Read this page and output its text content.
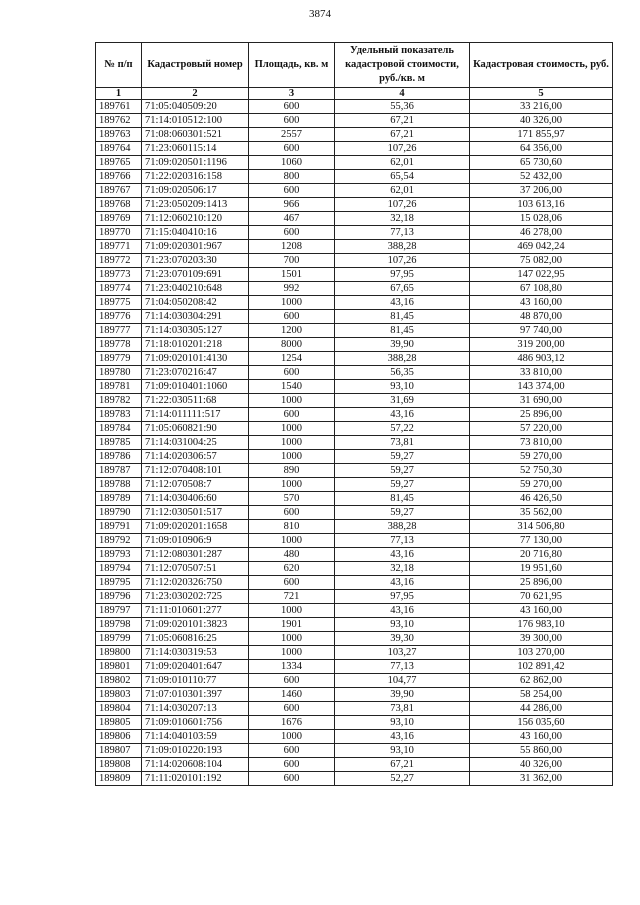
3874
№ п/п	Кадастровый номер	Площадь, кв. м	Удельный показатель кадастровой стоимости, руб./кв. м	Кадастровая стоимость, руб.
1	2	3	4	5
189761	71:05:040509:20	600	55,36	33 216,00
189762	71:14:010512:100	600	67,21	40 326,00
189763	71:08:060301:521	2557	67,21	171 855,97
189764	71:23:060115:14	600	107,26	64 356,00
189765	71:09:020501:1196	1060	62,01	65 730,60
189766	71:22:020316:158	800	65,54	52 432,00
189767	71:09:020506:17	600	62,01	37 206,00
189768	71:23:050209:1413	966	107,26	103 613,16
189769	71:12:060210:120	467	32,18	15 028,06
189770	71:15:040410:16	600	77,13	46 278,00
189771	71:09:020301:967	1208	388,28	469 042,24
189772	71:23:070203:30	700	107,26	75 082,00
189773	71:23:070109:691	1501	97,95	147 022,95
189774	71:23:040210:648	992	67,65	67 108,80
189775	71:04:050208:42	1000	43,16	43 160,00
189776	71:14:030304:291	600	81,45	48 870,00
189777	71:14:030305:127	1200	81,45	97 740,00
189778	71:18:010201:218	8000	39,90	319 200,00
189779	71:09:020101:4130	1254	388,28	486 903,12
189780	71:23:070216:47	600	56,35	33 810,00
189781	71:09:010401:1060	1540	93,10	143 374,00
189782	71:22:030511:68	1000	31,69	31 690,00
189783	71:14:011111:517	600	43,16	25 896,00
189784	71:05:060821:90	1000	57,22	57 220,00
189785	71:14:031004:25	1000	73,81	73 810,00
189786	71:14:020306:57	1000	59,27	59 270,00
189787	71:12:070408:101	890	59,27	52 750,30
189788	71:12:070508:7	1000	59,27	59 270,00
189789	71:14:030406:60	570	81,45	46 426,50
189790	71:12:030501:517	600	59,27	35 562,00
189791	71:09:020201:1658	810	388,28	314 506,80
189792	71:09:010906:9	1000	77,13	77 130,00
189793	71:12:080301:287	480	43,16	20 716,80
189794	71:12:070507:51	620	32,18	19 951,60
189795	71:12:020326:750	600	43,16	25 896,00
189796	71:23:030202:725	721	97,95	70 621,95
189797	71:11:010601:277	1000	43,16	43 160,00
189798	71:09:020101:3823	1901	93,10	176 983,10
189799	71:05:060816:25	1000	39,30	39 300,00
189800	71:14:030319:53	1000	103,27	103 270,00
189801	71:09:020401:647	1334	77,13	102 891,42
189802	71:09:010110:77	600	104,77	62 862,00
189803	71:07:010301:397	1460	39,90	58 254,00
189804	71:14:030207:13	600	73,81	44 286,00
189805	71:09:010601:756	1676	93,10	156 035,60
189806	71:14:040103:59	1000	43,16	43 160,00
189807	71:09:010220:193	600	93,10	55 860,00
189808	71:14:020608:104	600	67,21	40 326,00
189809	71:11:020101:192	600	52,27	31 362,00
